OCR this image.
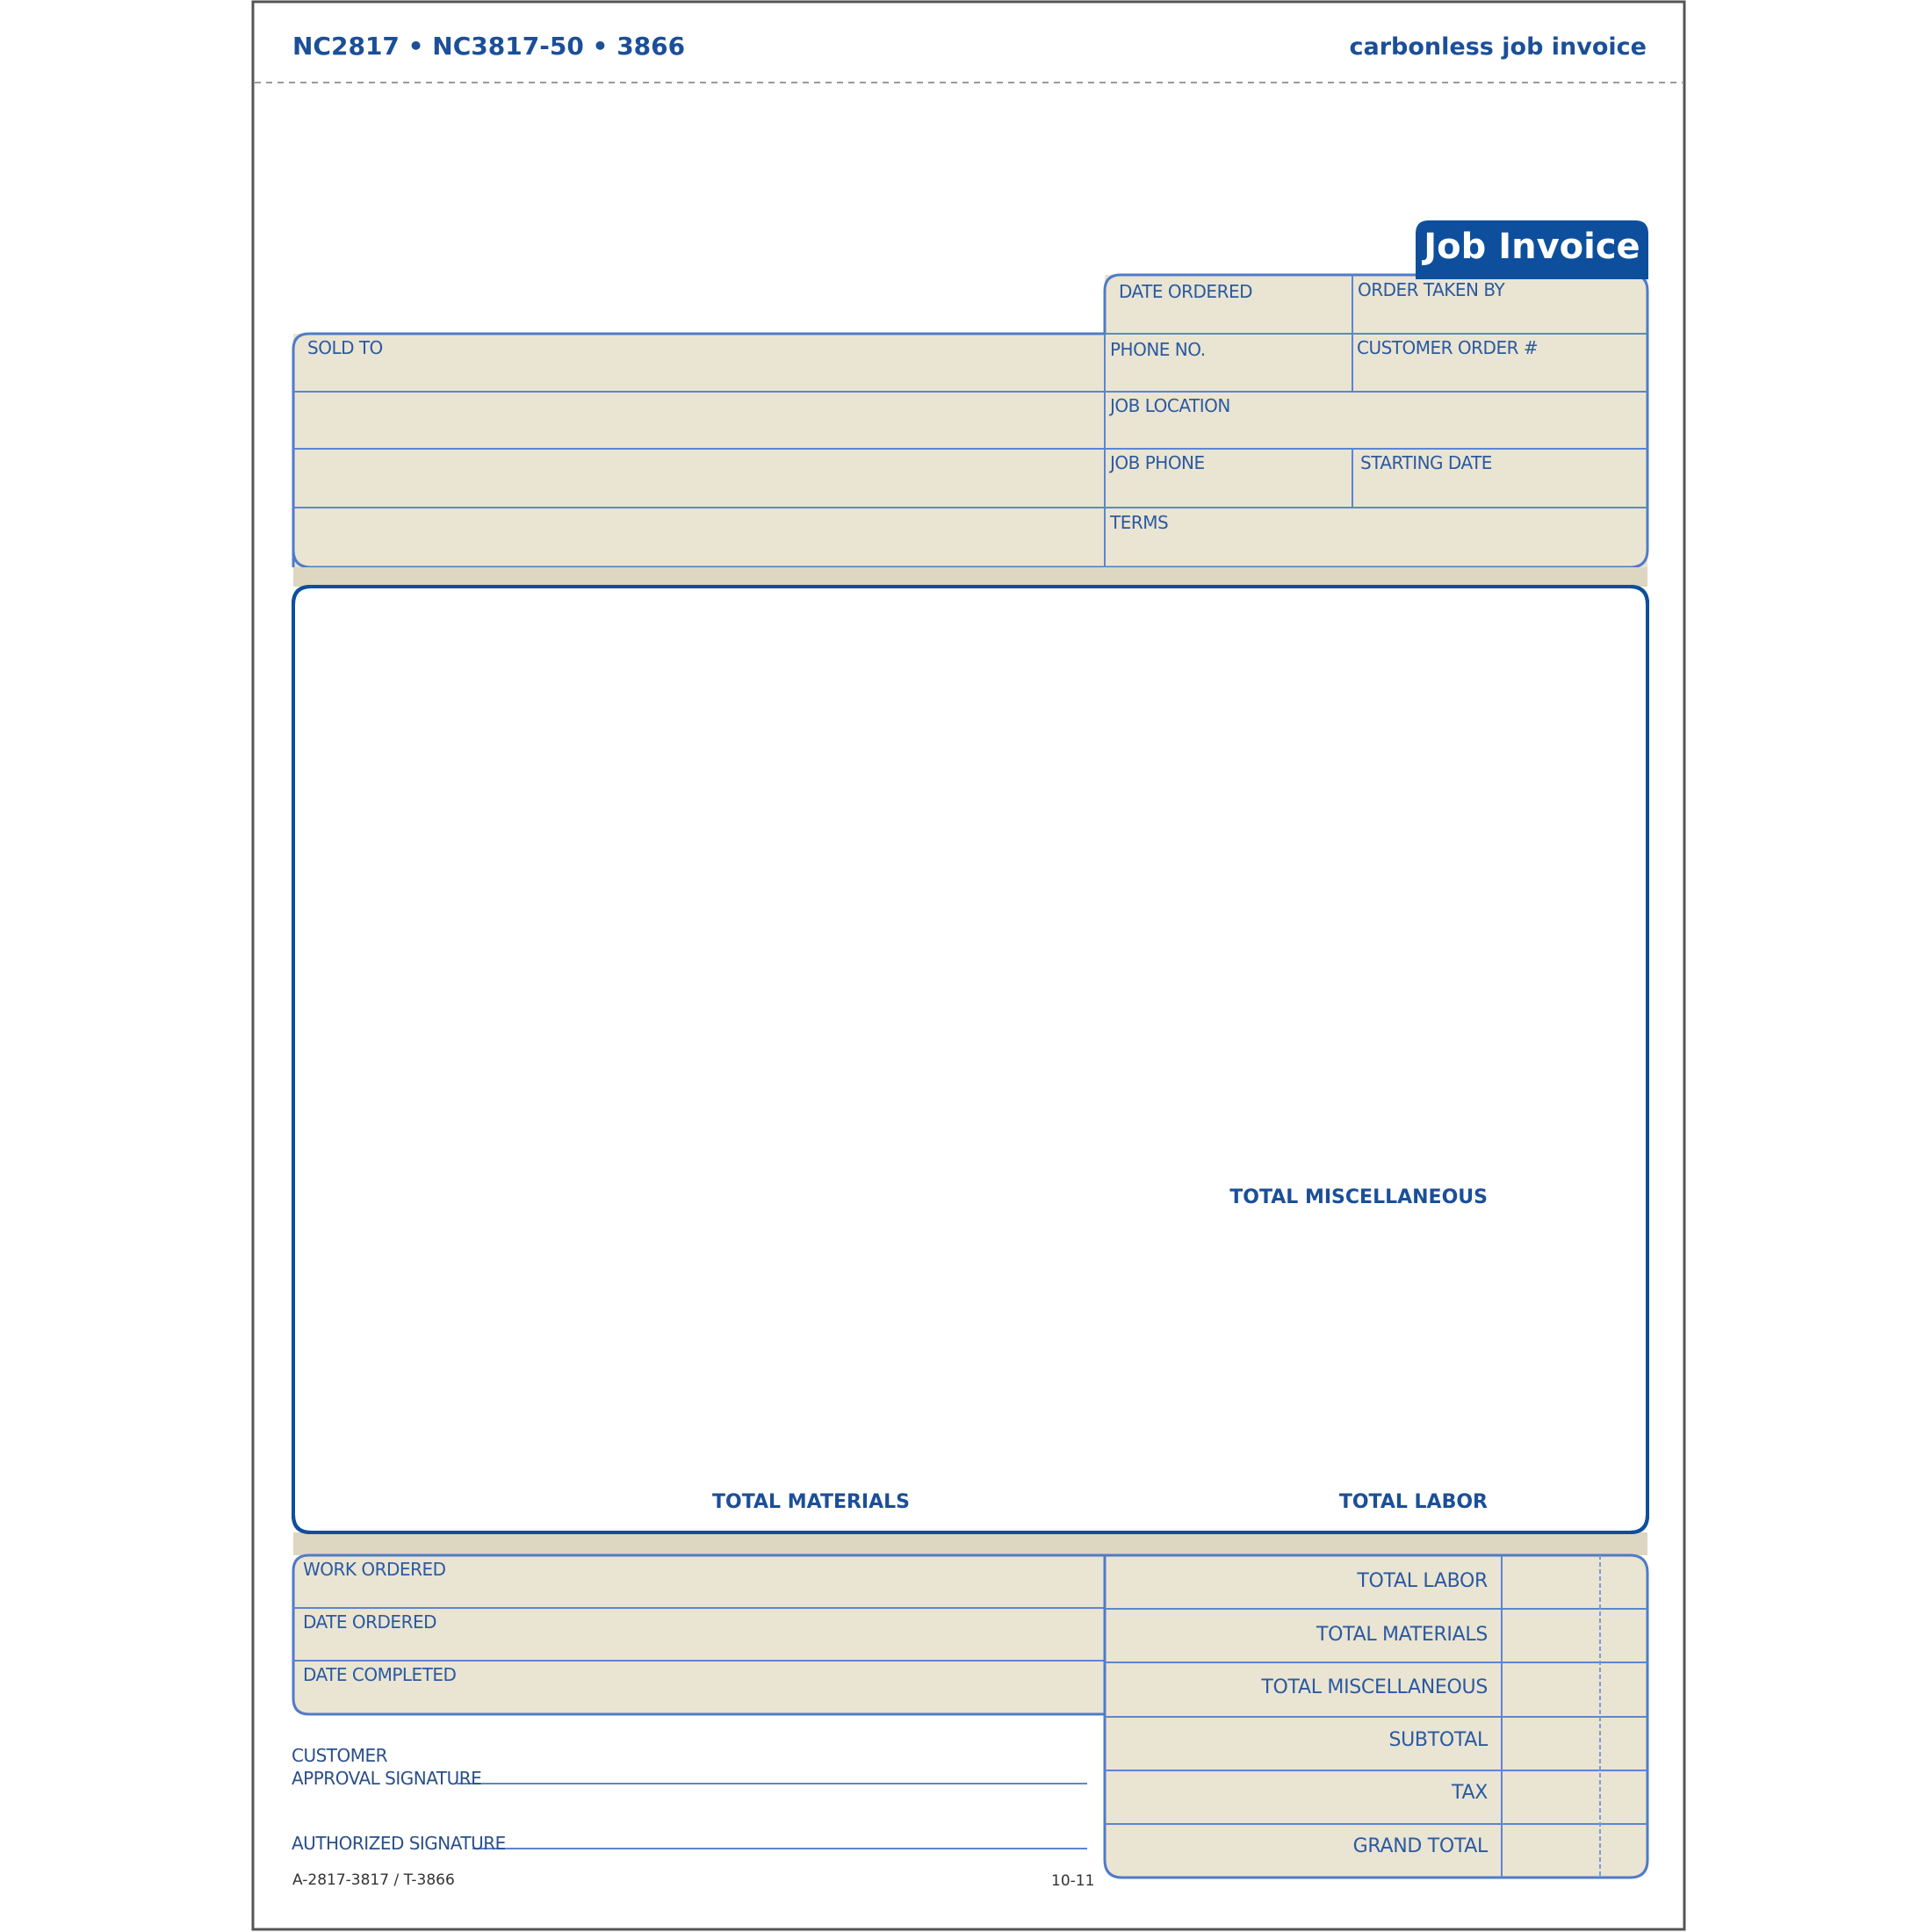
NC2817 • NC3817-50 • 3866	carbonless job invoice
Job Invoice
DATE ORDERED	ORDER TAKEN BY
SOLD TO	PHONE NO.	CUSTOMER ORDER #
JOB LOCATION
JOB PHONE	STARTING DATE
TERMS
QTY.	MATERIAL	UNIT	AMOUNT	DESCRIPTION OF WORK
MISCELLANEOUS CHARGES
LABOR	HRS. RATE	AMOUNT
TOTAL MATERIALS
TOTAL MISCELLANEOUS
TOTAL LABOR
WORK ORDERED
DATE ORDERED
DATE COMPLETED
TOTAL LABOR
TOTAL MATERIALS
TOTAL MISCELLANEOUS
SUBTOTAL
TAX
GRAND TOTAL
CUSTOMER
APPROVAL SIGNATURE
AUTHORIZED SIGNATURE
A-2817-3817 / T-3866	10-11
